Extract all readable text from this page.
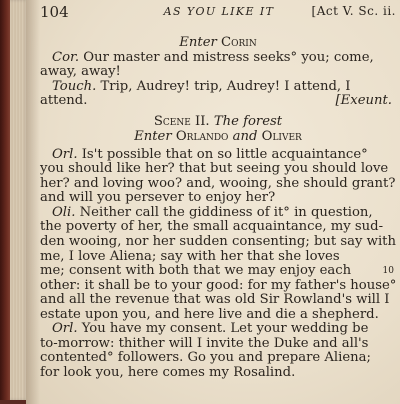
104	AS YOU LIKE IT	[Act V. Sc. ii.
Enter Corin
Cor. Our master and mistress seeks° you; come,
away, away!
Touch. Trip, Audrey! trip, Audrey! I attend, I
attend.	[Exeunt.
Scene II. The forest
Enter Orlando and Oliver
Orl. Is't possible that on so little acquaintance°
you should like her? that but seeing you should love
her? and loving woo? and, wooing, she should grant?
and will you persever to enjoy her?
Oli. Neither call the giddiness of it° in question,
the poverty of her, the small acquaintance, my sud-
den wooing, nor her sudden consenting; but say with
me, I love Aliena; say with her that she loves
me; consent with both that we may enjoy each	10
other: it shall be to your good: for my father's house°
and all the revenue that was old Sir Rowland's will I
estate upon you, and here live and die a shepherd.
Orl. You have my consent. Let your wedding be
to-morrow: thither will I invite the Duke and all's
contented° followers. Go you and prepare Aliena;
for look you, here comes my Rosalind.
